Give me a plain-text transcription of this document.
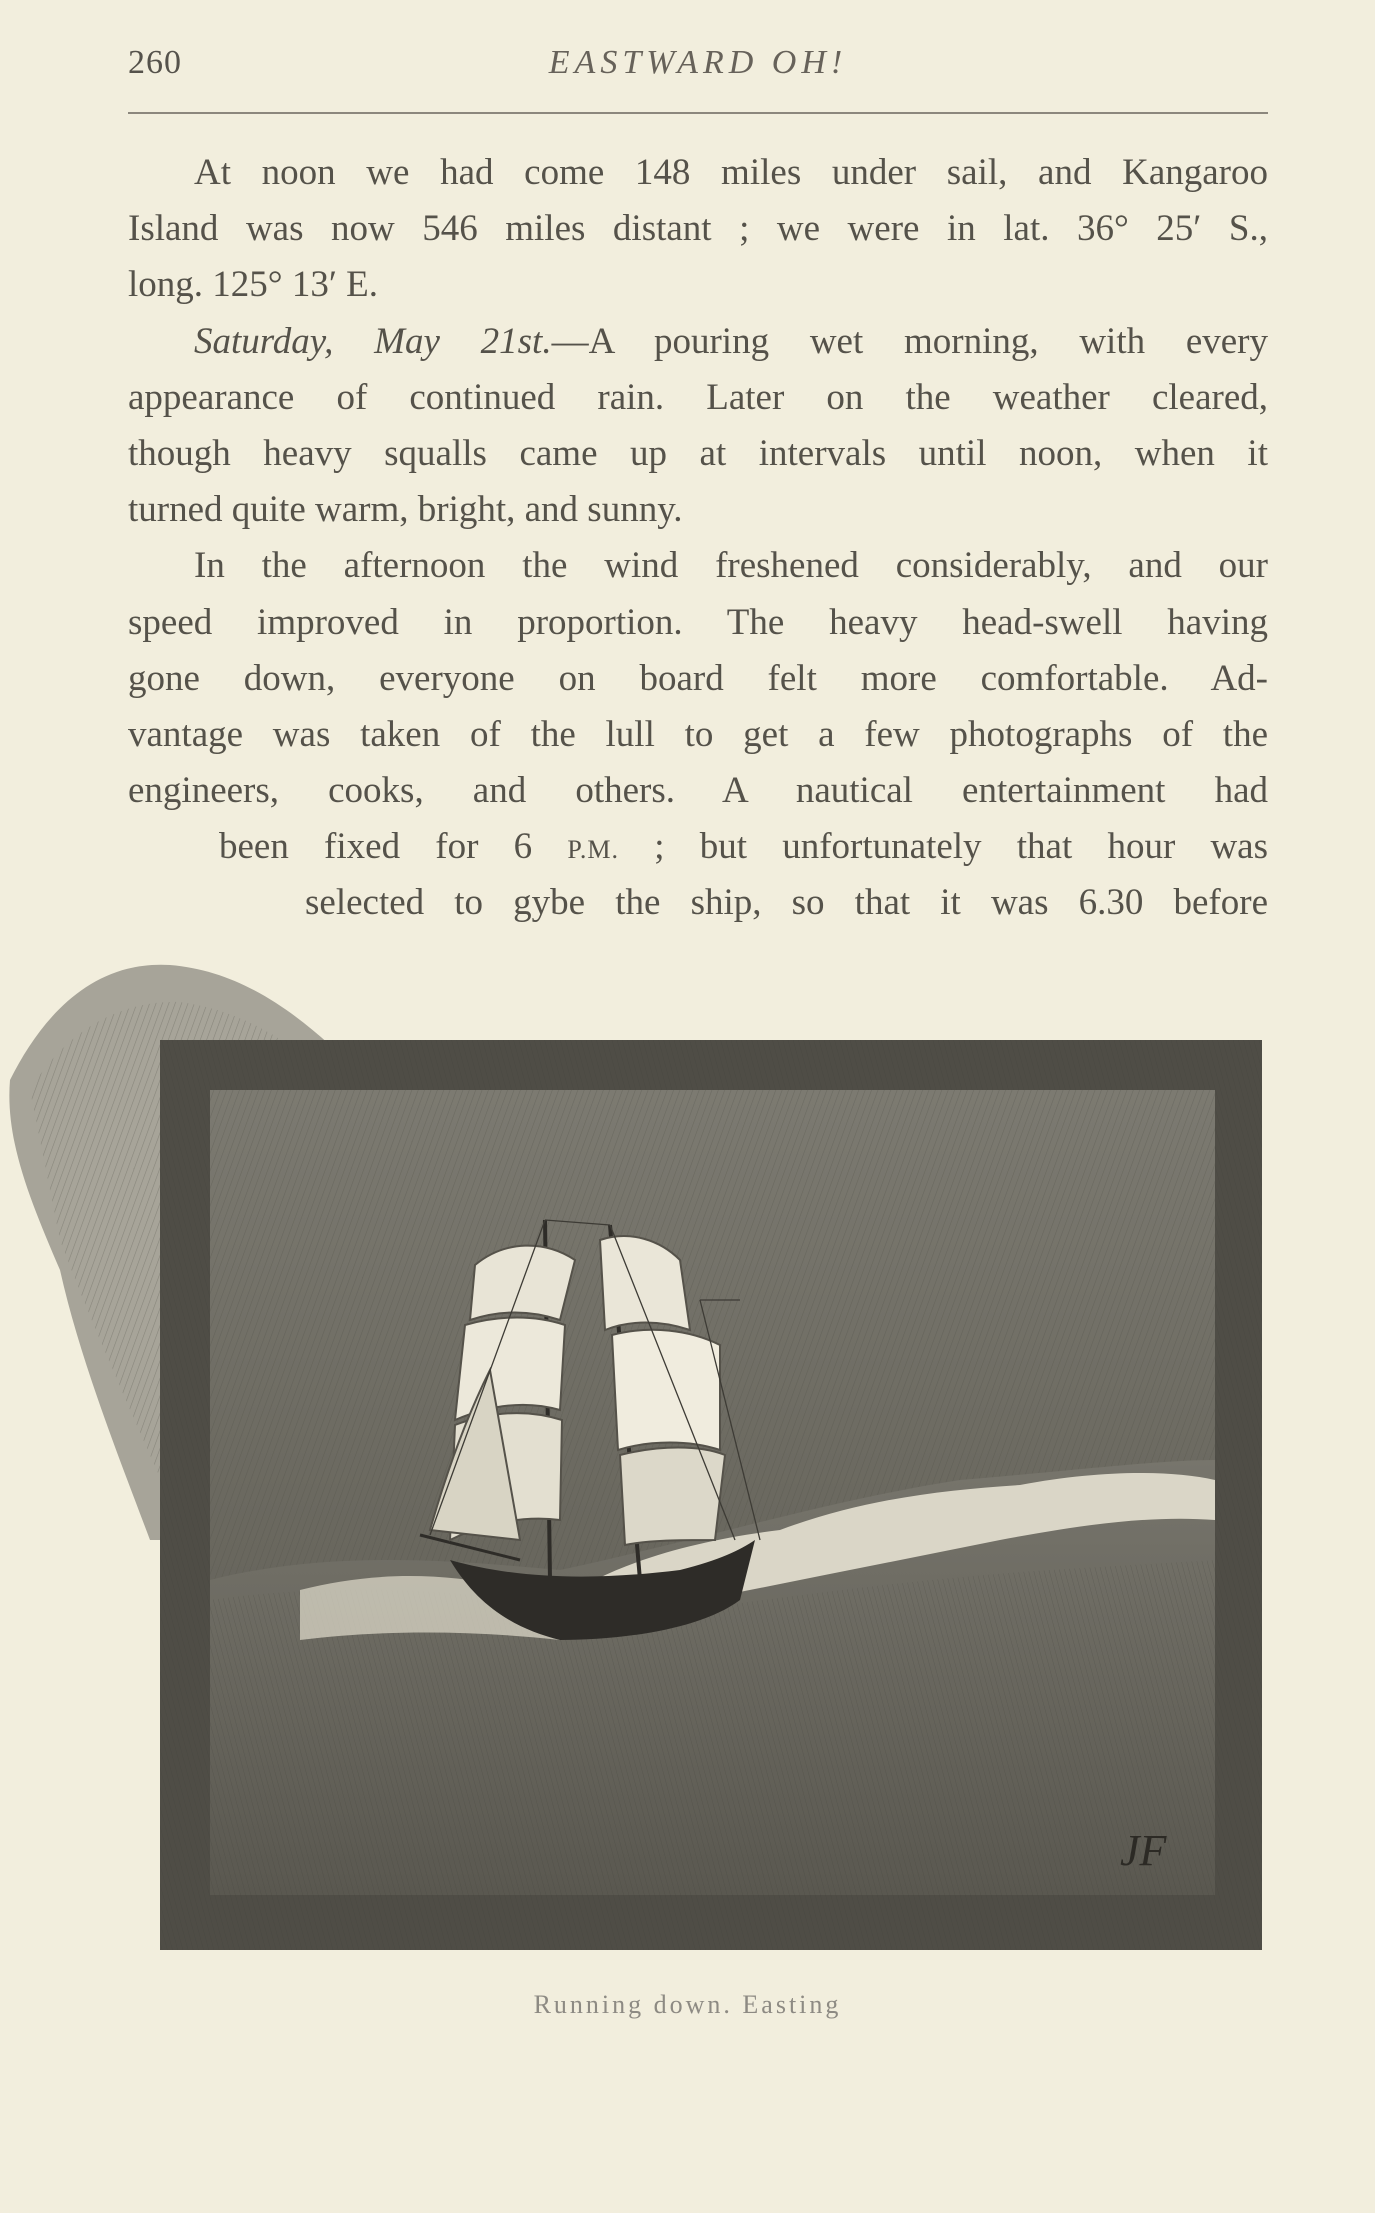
260	EASTWARD OH!
At noon we had come 148 miles under sail, and Kangaroo
Island was now 546 miles distant ; we were in lat. 36° 25′ S.,
long. 125° 13′ E.
Saturday, May 21st.—A pouring wet morning, with every
appearance of continued rain. Later on the weather cleared,
though heavy squalls came up at intervals until noon, when it
turned quite warm, bright, and sunny.
In the afternoon the wind freshened considerably, and our
speed improved in proportion. The heavy head-swell having
gone down, everyone on board felt more comfortable. Ad-
vantage was taken of the lull to get a few photographs of the
engineers, cooks, and others. A nautical entertainment had
been fixed for 6 P.M. ; but unfortunately that hour was
selected to gybe the ship, so that it was 6.30 before
JF
Running down. Easting
